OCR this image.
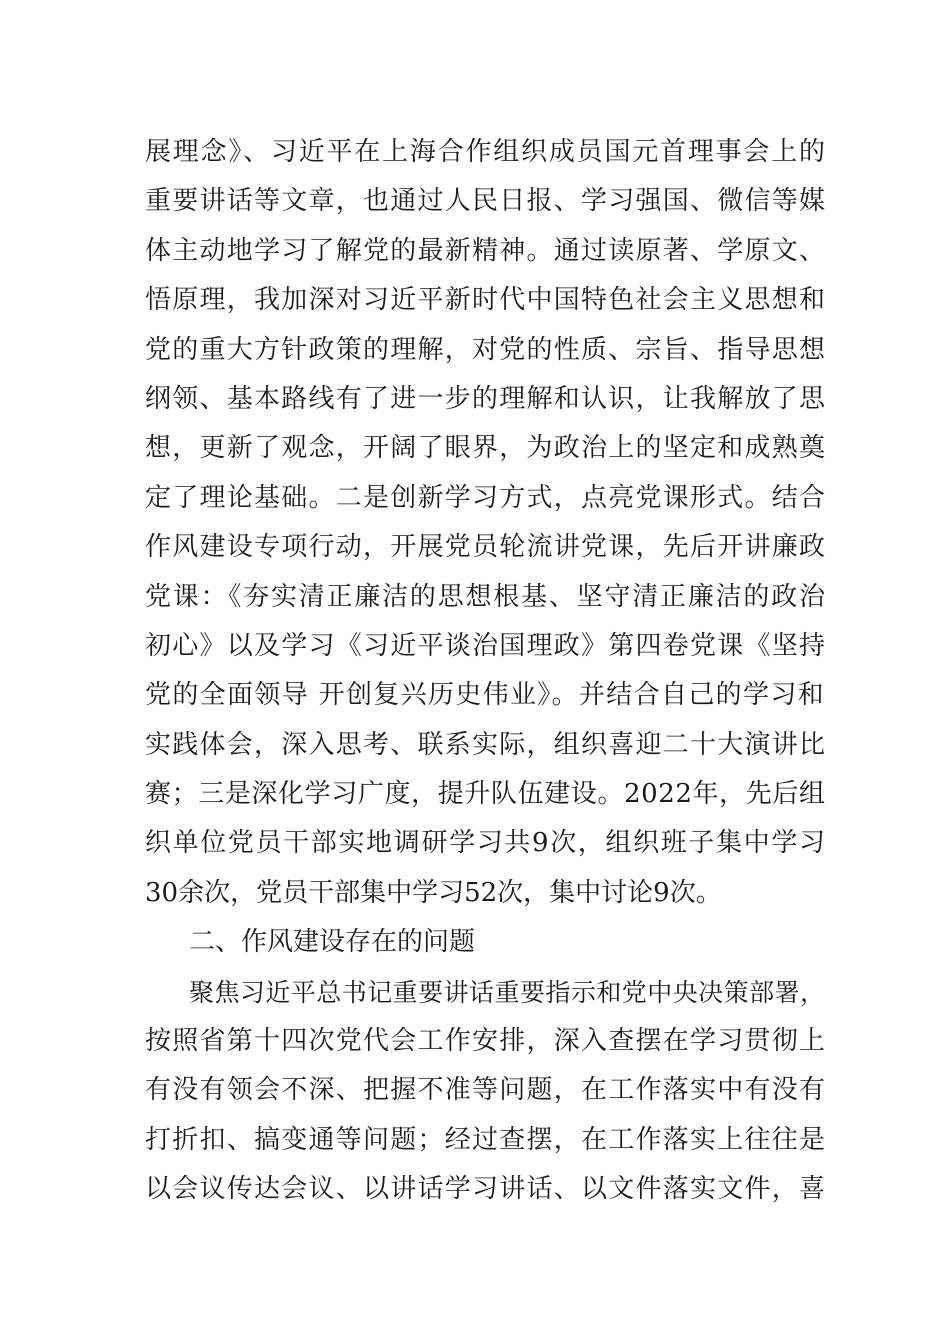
展理念》、习近平在上海合作组织成员国元首理事会上的
重要讲话等文章，也通过人民日报、学习强国、微信等媒
体主动地学习了解党的最新精神。通过读原著、学原文、
悟原理，我加深对习近平新时代中国特色社会主义思想和
党的重大方针政策的理解，对党的性质、宗旨、指导思想
纲领、基本路线有了进一步的理解和认识，让我解放了思
想，更新了观念，开阔了眼界，为政治上的坚定和成熟奠
定了理论基础。二是创新学习方式，点亮党课形式。结合
作风建设专项行动，开展党员轮流讲党课，先后开讲廉政
党课：《夯实清正廉洁的思想根基、坚守清正廉洁的政治
初心》以及学习《习近平谈治国理政》第四卷党课《坚持
党的全面领导 开创复兴历史伟业》。并结合自己的学习和
实践体会，深入思考、联系实际，组织喜迎二十大演讲比
赛；三是深化学习广度，提升队伍建设。2022年，先后组
织单位党员干部实地调研学习共9次，组织班子集中学习
30余次，党员干部集中学习52次，集中讨论9次。
二、作风建设存在的问题
聚焦习近平总书记重要讲话重要指示和党中央决策部署，
按照省第十四次党代会工作安排，深入查摆在学习贯彻上
有没有领会不深、把握不准等问题，在工作落实中有没有
打折扣、搞变通等问题；经过查摆，在工作落实上往往是
以会议传达会议、以讲话学习讲话、以文件落实文件，喜
